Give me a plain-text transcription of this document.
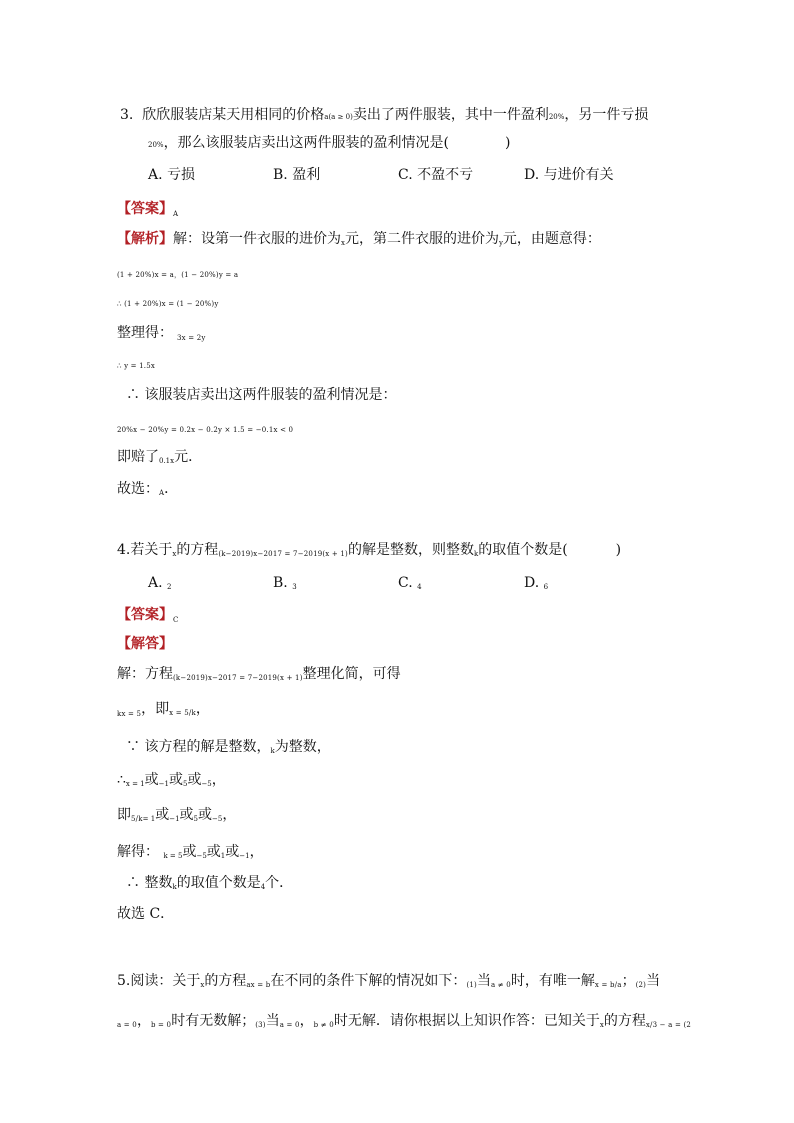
3. 欣欣服装店某天用相同的价格a(a ≥ 0)卖出了两件服装，其中一件盈利20%，另一件亏损
20%，那么该服装店卖出这两件服装的盈利情况是(	)
A. 亏损	B. 盈利	C. 不盈不亏	D. 与进价有关
【答案】A
【解析】解：设第一件衣服的进价为$_x$元，第二件衣服的进价为$_y$元，由题意得：
(1 + 20%)x = a，(1 − 20%)y = a
∴ (1 + 20%)x = (1 − 20%)y
整理得： $_{3x = 2y}$
∴ y = 1.5x
∴ 该服装店卖出这两件服装的盈利情况是：
20%x − 20%y = 0.2x − 0.2y × 1.5 = −0.1x < 0
即赔了$_{0.1x}$元．
故选：$_A$．
4.若关于$_x$的方程(k−2019)x−2017 = 7−2019(x + 1)的解是整数，则整数$_k$的取值个数是(	)
A. $_2$	B. $_3$	C. $_4$	D. $_6$
【答案】C
【解答】
解：方程(k−2019)x−2017 = 7−2019(x + 1)整理化简，可得
$_{kx = 5}$，即x = 5/k，
∵ 该方程的解是整数，$_k$为整数，
$\therefore_{x = 1}$或$_{-1}$或$_5$或$_{-5}$，
即$5/k_{= 1}$或$_{-1}$或$_5$或$_{-5}$，
解得： $_{k = 5}$或$_{-5}$或$_1$或$_{-1}$，
∴ 整数$_k$的取值个数是$_4$个．
故选 C．
5.阅读：关于$_x$的方程ax = b在不同的条件下解的情况如下：(1)当a ≠ 0时，有唯一解x = b/a；(2)当
a = 0，b = 0时有无数解；(3)当a = 0，b ≠ 0时无解．请你根据以上知识作答：已知关于$_x$的方程x/3 − a = (2
